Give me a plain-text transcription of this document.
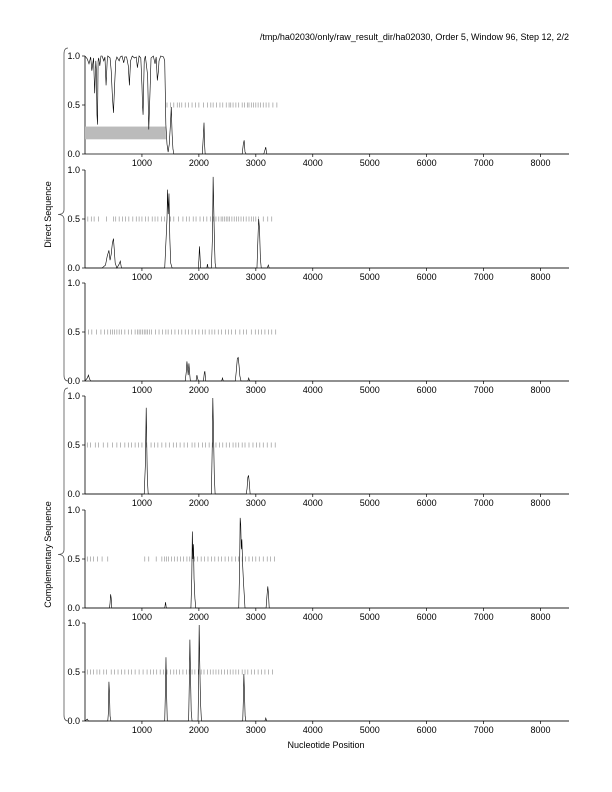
/tmp/ha02030/only/raw_result_dir/ha02030, Order 5, Window 96, Step 12, 2/2
Nucleotide Position
0.0
0.5
1.0
1000	2000	3000	4000	5000	6000	7000	8000
0.0
0.5
1.0
1000	2000	3000	4000	5000	6000	7000	8000
0.0
0.5
1.0
1000	2000	3000	4000	5000	6000	7000	8000
0.0
0.5
1.0
1000	2000	3000	4000	5000	6000	7000	8000
0.0
0.5
1.0
1000	2000	3000	4000	5000	6000	7000	8000
0.0
0.5
1.0
1000	2000	3000	4000	5000	6000	7000	8000
Direct Sequence
Complementary Sequence
